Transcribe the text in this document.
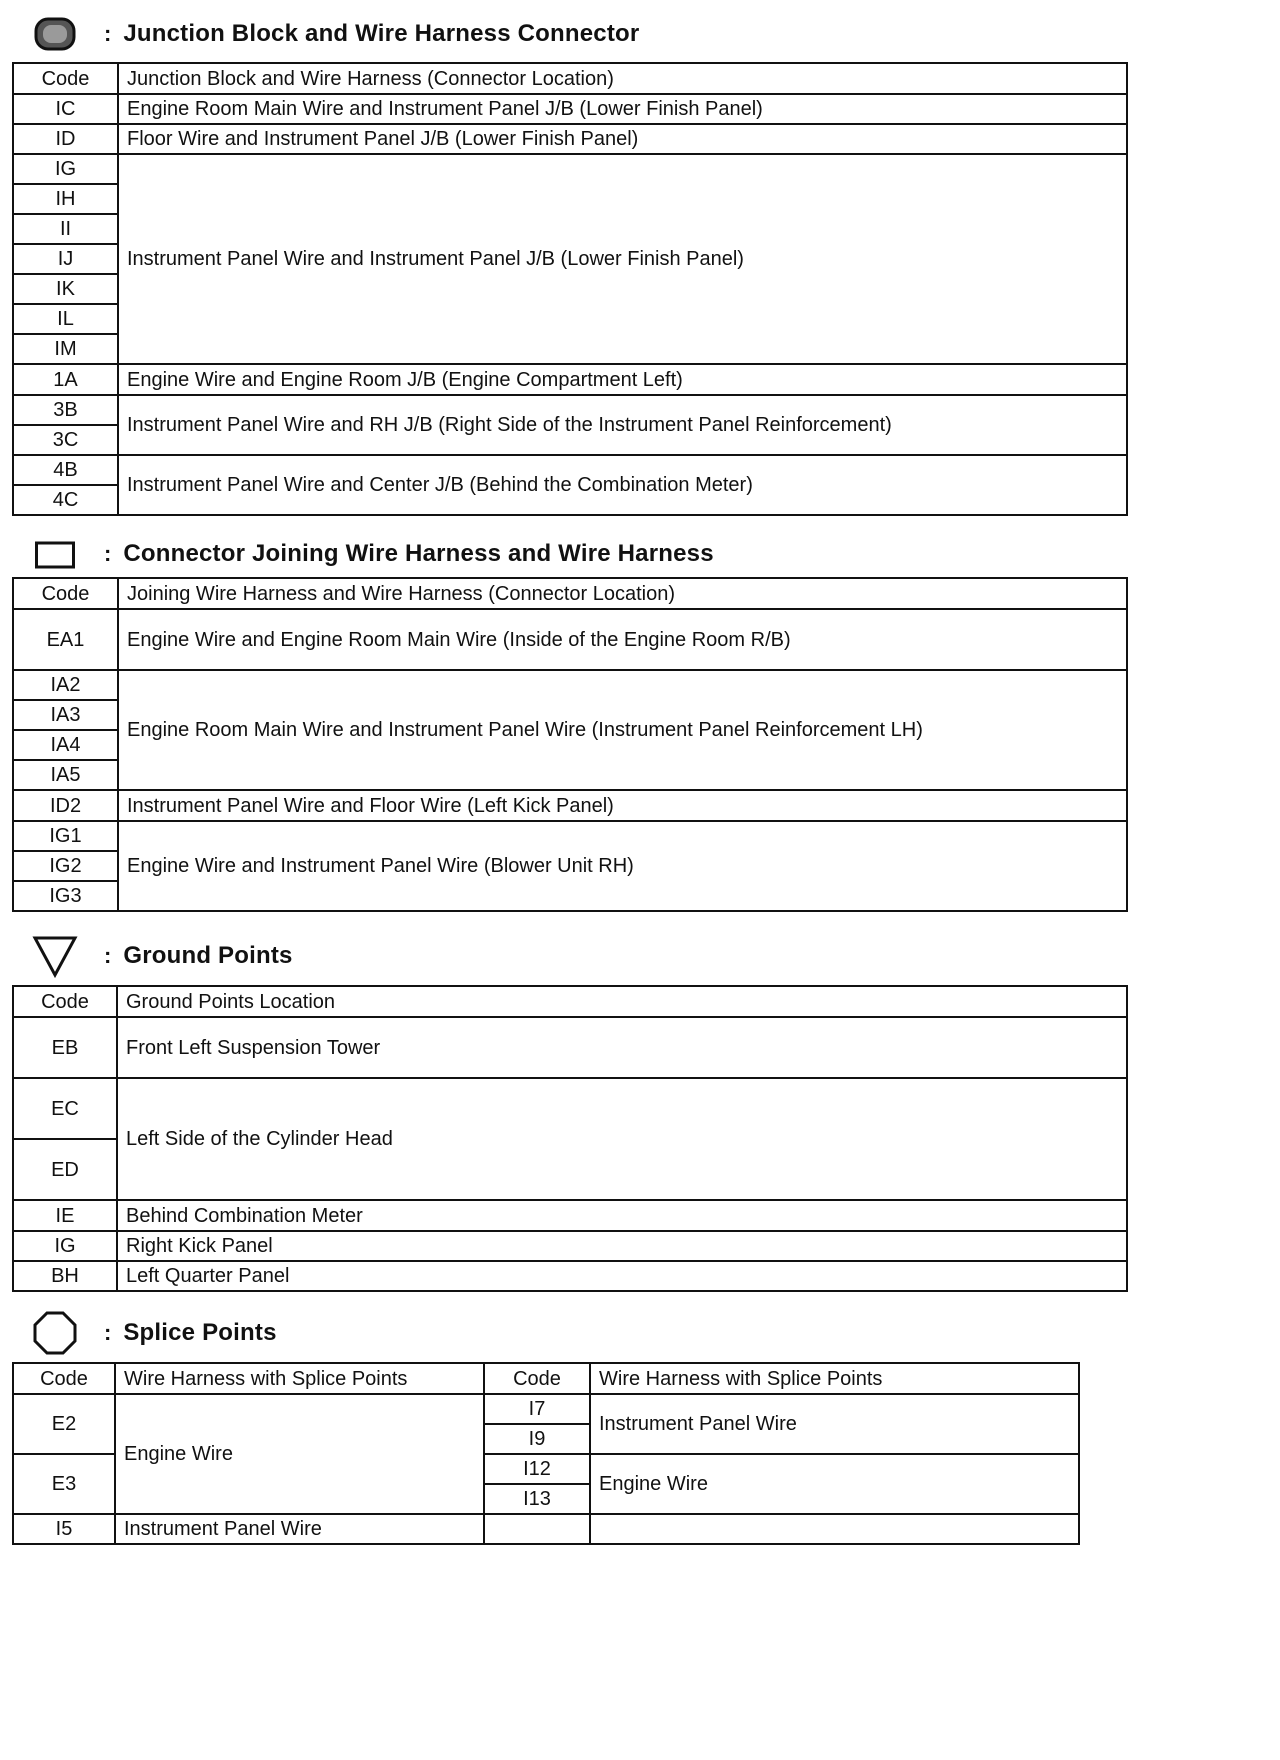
: Junction Block and Wire Harness Connector
Code	Junction Block and Wire Harness (Connector Location)
IC	Engine Room Main Wire and Instrument Panel J/B (Lower Finish Panel)
ID	Floor Wire and Instrument Panel J/B (Lower Finish Panel)
IG	Instrument Panel Wire and Instrument Panel J/B (Lower Finish Panel)
IH	
II	
IJ	
IK	
IL	
IM	
1A	Engine Wire and Engine Room J/B (Engine Compartment Left)
3B	Instrument Panel Wire and RH J/B (Right Side of the Instrument Panel Reinforcement)
3C	
4B	Instrument Panel Wire and Center J/B (Behind the Combination Meter)
4C	
: Connector Joining Wire Harness and Wire Harness
Code	Joining Wire Harness and Wire Harness (Connector Location)
EA1	Engine Wire and Engine Room Main Wire (Inside of the Engine Room R/B)
IA2	Engine Room Main Wire and Instrument Panel Wire (Instrument Panel Reinforcement LH)
IA3	
IA4	
IA5	
ID2	Instrument Panel Wire and Floor Wire (Left Kick Panel)
IG1	Engine Wire and Instrument Panel Wire (Blower Unit RH)
IG2	
IG3	
: Ground Points
Code	Ground Points Location
EB	Front Left Suspension Tower
EC	Left Side of the Cylinder Head
ED	
IE	Behind Combination Meter
IG	Right Kick Panel
BH	Left Quarter Panel
: Splice Points
Code	Wire Harness with Splice Points	Code	Wire Harness with Splice Points
E2	Engine Wire	I7	Instrument Panel Wire
		I9	
E3		I12	Engine Wire
		I13	
I5	Instrument Panel Wire		
